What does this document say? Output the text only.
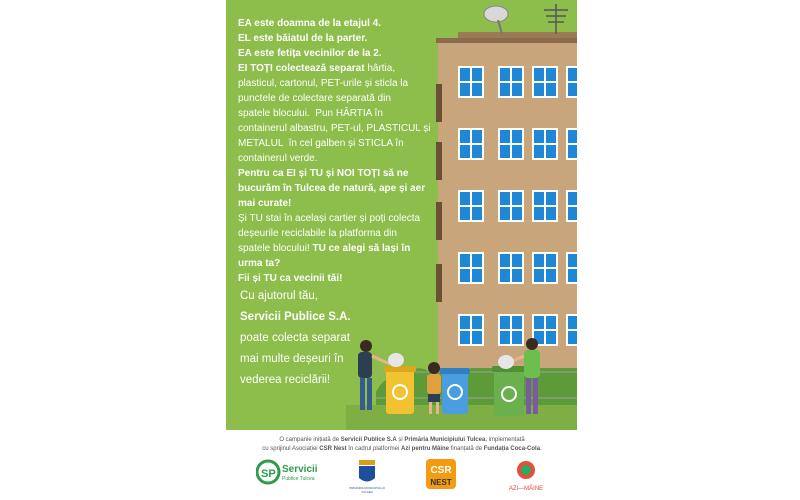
EA este doamna de la etajul 4.
EL este băiatul de la parter.
EA este fetița vecinilor de la 2.
EI TOȚI colectează separat hârtia,
plasticul, cartonul, PET-urile și sticla la
punctele de colectare separată din
spatele blocului.  Pun HÂRTIA în
containerul albastru, PET-ul, PLASTICUL și
METALUL  în cel galben și STICLA în
containerul verde.
Pentru ca EI și TU și NOI TOȚI să ne
bucurăm în Tulcea de natură, ape și aer
mai curate!
Și TU stai în același cartier și poți colecta
deșeurile reciclabile la platforma din
spatele blocului! TU ce alegi să lași în
urma ta?
Fii și TU ca vecinii tăi!
Cu ajutorul tău,
Servicii Publice S.A.
poate colecta separat
mai multe deșeuri în
vederea reciclării!
O campanie inițiată de Servicii Publice S.A și Primăria Municipiului Tulcea, implementată
cu sprijinul Asociației CSR Nest în cadrul platformei Azi pentru Mâine finanțată de Fundația Coca-Cola.
SP Servicii
Publice Tulcea
PRIMĂRIA MUNICIPIULUI
TULCEA
CSR
NEST
AZI—MÂINE
